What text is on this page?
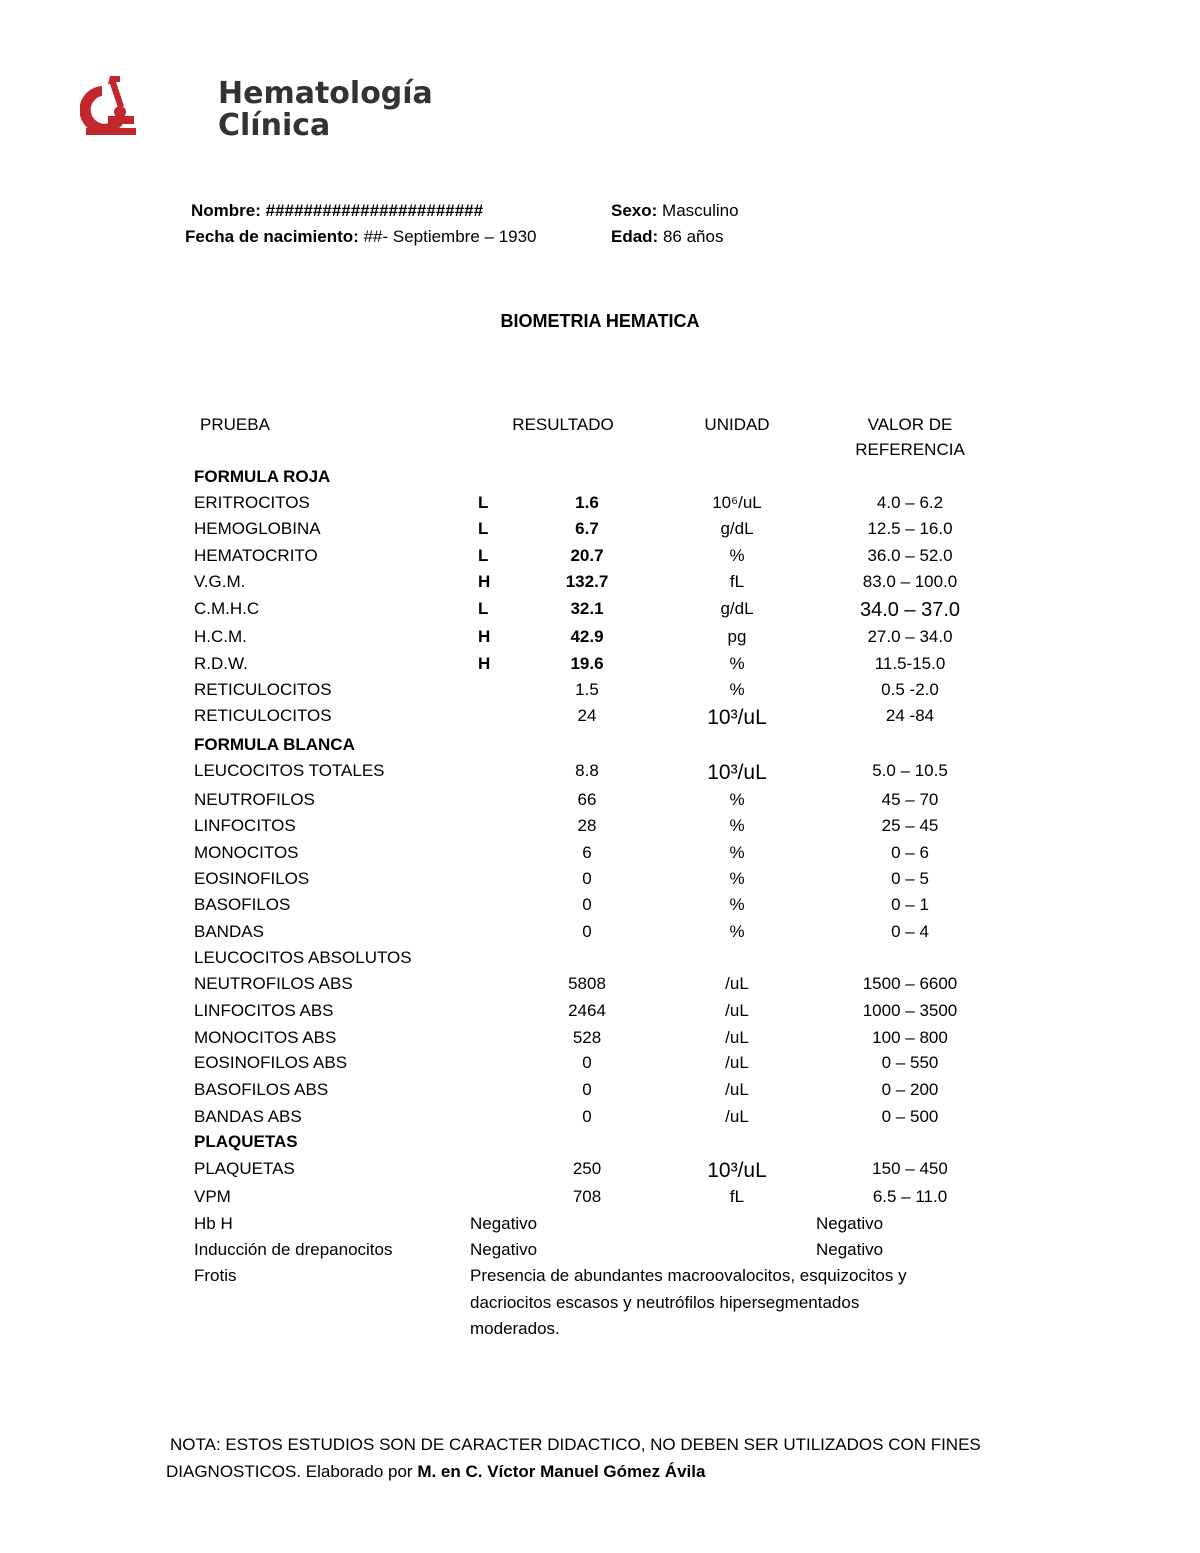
Hematología
Clínica
Nombre: #######################	Sexo: Masculino
Fecha de nacimiento: ##- Septiembre – 1930	Edad: 86 años
BIOMETRIA HEMATICA
PRUEBA	RESULTADO	UNIDAD	VALOR DE
REFERENCIA
FORMULA ROJA
ERITROCITOS	L	1.6	10⁶/uL	4.0 – 6.2
HEMOGLOBINA	L	6.7	g/dL	12.5 – 16.0
HEMATOCRITO	L	20.7	%	36.0 – 52.0
V.G.M.	H	132.7	fL	83.0 – 100.0
C.M.H.C	L	32.1	g/dL	34.0 – 37.0
H.C.M.	H	42.9	pg	27.0 – 34.0
R.D.W.	H	19.6	%	11.5-15.0
RETICULOCITOS	1.5	%	0.5 -2.0
RETICULOCITOS	24	10³/uL	24 -84
FORMULA BLANCA
LEUCOCITOS TOTALES	8.8	10³/uL	5.0 – 10.5
NEUTROFILOS	66	%	45 – 70
LINFOCITOS	28	%	25 – 45
MONOCITOS	6	%	0 – 6
EOSINOFILOS	0	%	0 – 5
BASOFILOS	0	%	0 – 1
BANDAS	0	%	0 – 4
LEUCOCITOS ABSOLUTOS
NEUTROFILOS ABS	5808	/uL	1500 – 6600
LINFOCITOS ABS	2464	/uL	1000 – 3500
MONOCITOS ABS	528	/uL	100 – 800
EOSINOFILOS ABS	0	/uL	0 – 550
BASOFILOS ABS	0	/uL	0 – 200
BANDAS ABS	0	/uL	0 – 500
PLAQUETAS
PLAQUETAS	250	10³/uL	150 – 450
VPM	708	fL	6.5 – 11.0
Hb H	Negativo	Negativo
Inducción de drepanocitos	Negativo	Negativo
Frotis	Presencia de abundantes macroovalocitos, esquizocitos y
dacriocitos escasos y neutrófilos hipersegmentados
moderados.
NOTA: ESTOS ESTUDIOS SON DE CARACTER DIDACTICO, NO DEBEN SER UTILIZADOS CON FINES
DIAGNOSTICOS. Elaborado por M. en C. Víctor Manuel Gómez Ávila
